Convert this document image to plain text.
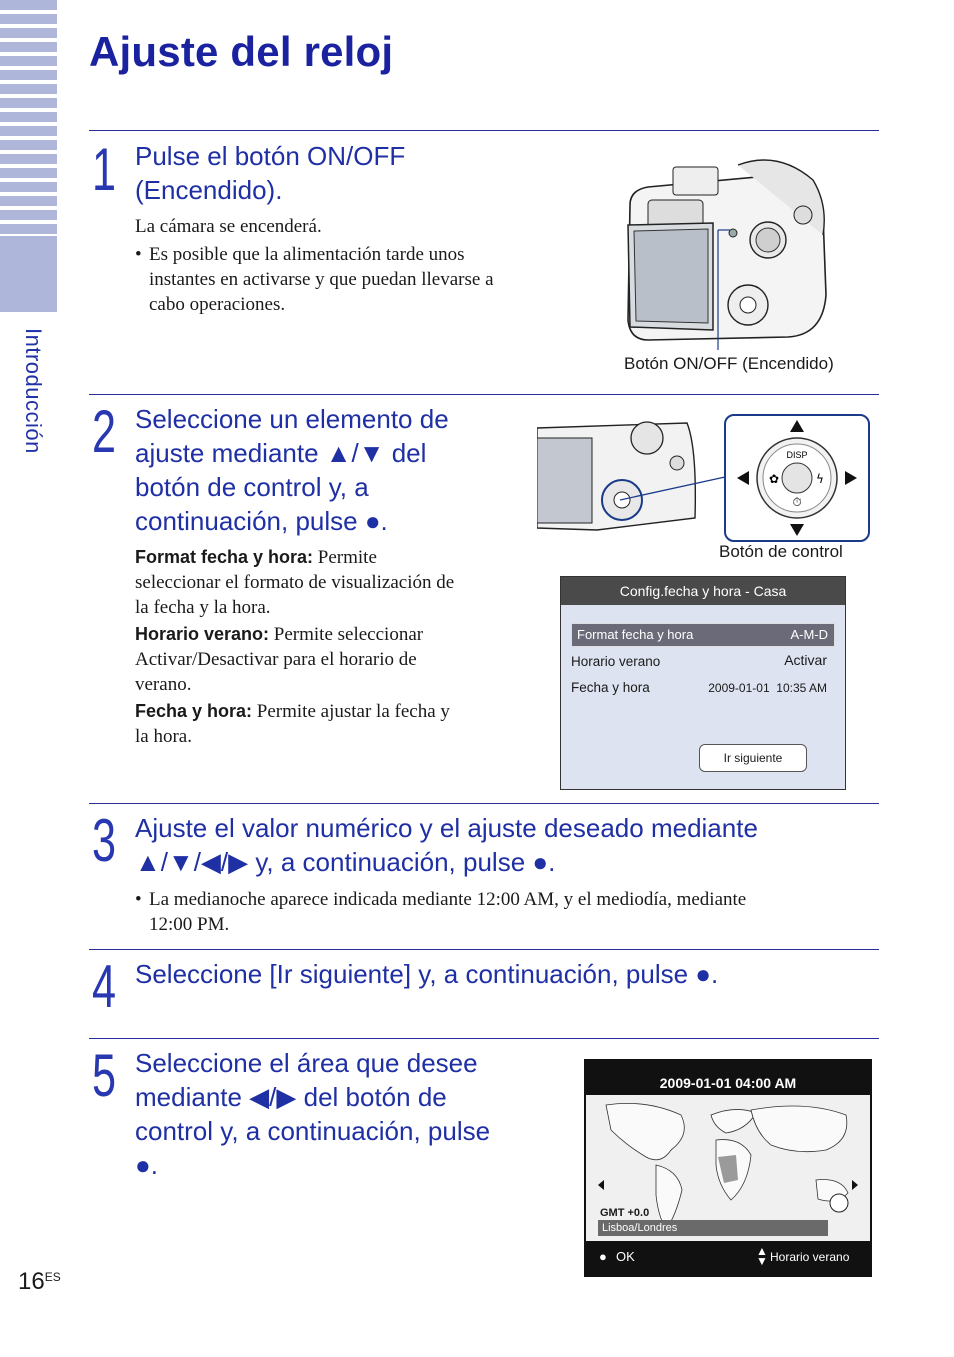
Introducción
Ajuste del reloj
1 Pulse el botón ON/OFF
(Encendido).
La cámara se encenderá.
• Es posible que la alimentación tarde unos
instantes en activarse y que puedan llevarse a
cabo operaciones.
Botón ON/OFF (Encendido)
2 Seleccione un elemento de
ajuste mediante ▲/▼ del
botón de control y, a
continuación, pulse ●.
Format fecha y hora: Permite
seleccionar el formato de visualización de
la fecha y la hora.
Horario verano: Permite seleccionar
Activar/Desactivar para el horario de
verano.
Fecha y hora: Permite ajustar la fecha y
la hora.
DISP
⏱
✿	ϟ
Botón de control
Config.fecha y hora - Casa
Format fecha y hora	A-M-D
Horario verano	Activar
Fecha y hora	2009-01-01  10:35 AM
Ir siguiente
3 Ajuste el valor numérico y el ajuste deseado mediante
▲/▼/◀/▶ y, a continuación, pulse ●.
• La medianoche aparece indicada mediante 12:00 AM, y el mediodía, mediante
12:00 PM.
4 Seleccione [Ir siguiente] y, a continuación, pulse ●.
5 Seleccione el área que desee
mediante ◀/▶ del botón de
control y, a continuación, pulse
●.
2009-01-01 04:00 AM
GMT +0.0
Lisboa/Londres
● OK	▲
▼ Horario verano
$16^{ES}$
